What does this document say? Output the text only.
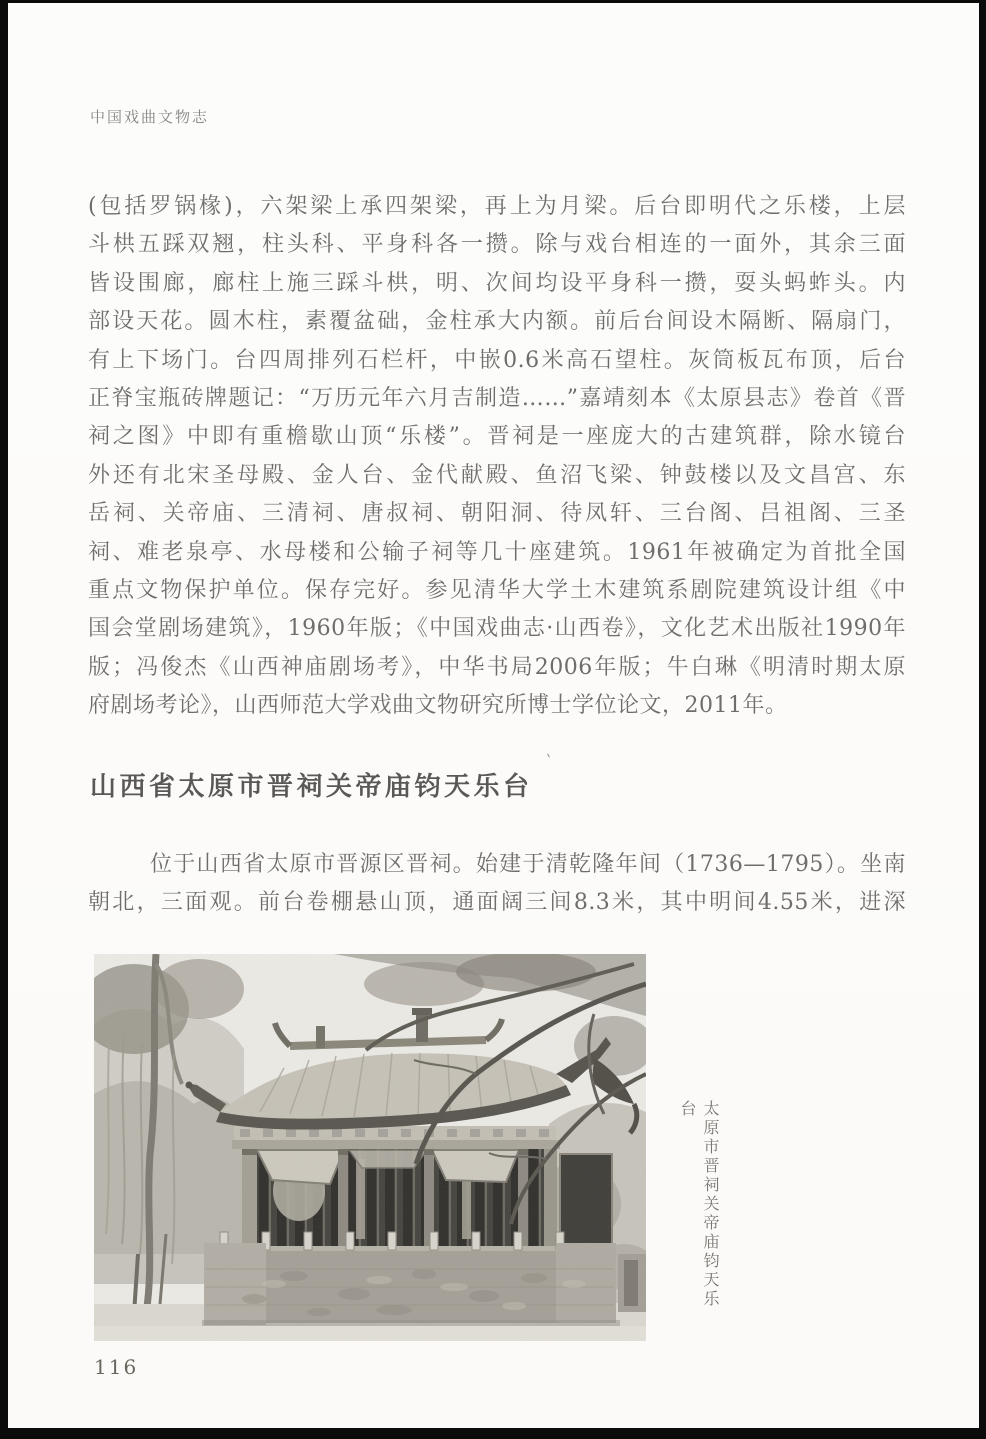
中国戏曲文物志
(包括罗锅椽)，六架梁上承四架梁，再上为月梁。后台即明代之乐楼，上层
斗栱五踩双翘，柱头科、平身科各一攒。除与戏台相连的一面外，其余三面
皆设围廊，廊柱上施三踩斗栱，明、次间均设平身科一攒，耍头蚂蚱头。内
部设天花。圆木柱，素覆盆础，金柱承大内额。前后台间设木隔断、隔扇门，
有上下场门。台四周排列石栏杆，中嵌0.6米高石望柱。灰筒板瓦布顶，后台
正脊宝瓶砖牌题记：“万历元年六月吉制造……”嘉靖刻本《太原县志》卷首《晋
祠之图》中即有重檐歇山顶“乐楼”。晋祠是一座庞大的古建筑群，除水镜台
外还有北宋圣母殿、金人台、金代献殿、鱼沼飞梁、钟鼓楼以及文昌宫、东
岳祠、关帝庙、三清祠、唐叔祠、朝阳洞、待凤轩、三台阁、吕祖阁、三圣
祠、难老泉亭、水母楼和公输子祠等几十座建筑。1961年被确定为首批全国
重点文物保护单位。保存完好。参见清华大学土木建筑系剧院建筑设计组《中
国会堂剧场建筑》，1960年版；《中国戏曲志·山西卷》，文化艺术出版社1990年
版；冯俊杰《山西神庙剧场考》，中华书局2006年版；牛白琳《明清时期太原
府剧场考论》，山西师范大学戏曲文物研究所博士学位论文，2011年。
山西省太原市晋祠关帝庙钧天乐台
`
位于山西省太原市晋源区晋祠。始建于清乾隆年间（1736—1795）。坐南
朝北，三面观。前台卷棚悬山顶，通面阔三间8.3米，其中明间4.55米，进深
太原市晋祠关帝庙钧天乐台
116
